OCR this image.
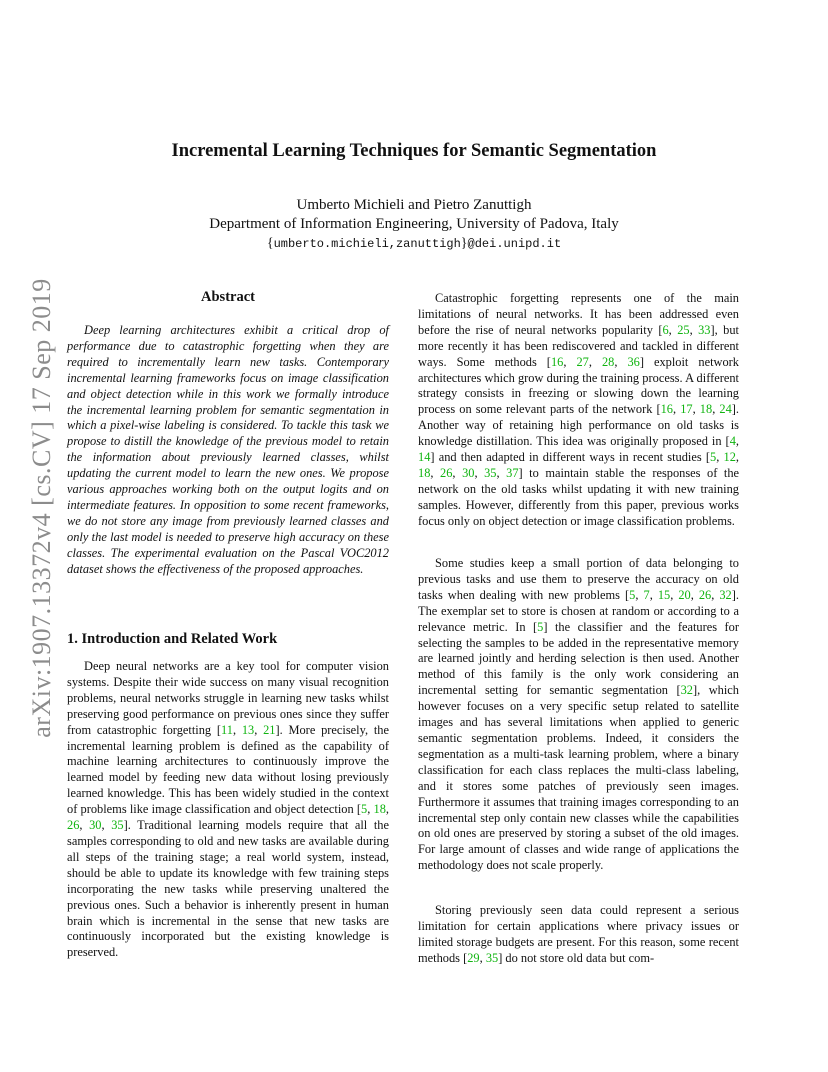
arXiv:1907.13372v4 [cs.CV] 17 Sep 2019
Incremental Learning Techniques for Semantic Segmentation
Umberto Michieli and Pietro Zanuttigh
Department of Information Engineering, University of Padova, Italy
{umberto.michieli,zanuttigh}@dei.unipd.it
Abstract
Deep learning architectures exhibit a critical drop of performance due to catastrophic forgetting when they are required to incrementally learn new tasks. Contemporary incremental learning frameworks focus on image classification and object detection while in this work we formally introduce the incremental learning problem for semantic segmentation in which a pixel-wise labeling is considered. To tackle this task we propose to distill the knowledge of the previous model to retain the information about previously learned classes, whilst updating the current model to learn the new ones. We propose various approaches working both on the output logits and on intermediate features. In opposition to some recent frameworks, we do not store any image from previously learned classes and only the last model is needed to preserve high accuracy on these classes. The experimental evaluation on the Pascal VOC2012 dataset shows the effectiveness of the proposed approaches.
1. Introduction and Related Work

Deep neural networks are a key tool for computer vision systems. Despite their wide success on many visual recognition problems, neural networks struggle in learning new tasks whilst preserving good performance on previous ones since they suffer from catastrophic forgetting [11, 13, 21]. More precisely, the incremental learning problem is defined as the capability of machine learning architectures to continuously improve the learned model by feeding new data without losing previously learned knowledge. This has been widely studied in the context of problems like image classification and object detection [5, 18, 26, 30, 35]. Traditional learning models require that all the samples corresponding to old and new tasks are available during all steps of the training stage; a real world system, instead, should be able to update its knowledge with few training steps incorporating the new tasks while preserving unaltered the previous ones. Such a behavior is inherently present in human brain which is incremental in the sense that new tasks are continuously incorporated but the existing knowledge is preserved.

Catastrophic forgetting represents one of the main limitations of neural networks. It has been addressed even before the rise of neural networks popularity [6, 25, 33], but more recently it has been rediscovered and tackled in different ways. Some methods [16, 27, 28, 36] exploit network architectures which grow during the training process. A different strategy consists in freezing or slowing down the learning process on some relevant parts of the network [16, 17, 18, 24]. Another way of retaining high performance on old tasks is knowledge distillation. This idea was originally proposed in [4, 14] and then adapted in different ways in recent studies [5, 12, 18, 26, 30, 35, 37] to maintain stable the responses of the network on the old tasks whilst updating it with new training samples. However, differently from this paper, previous works focus only on object detection or image classification problems.

Some studies keep a small portion of data belonging to previous tasks and use them to preserve the accuracy on old tasks when dealing with new problems [5, 7, 15, 20, 26, 32]. The exemplar set to store is chosen at random or according to a relevance metric. In [5] the classifier and the features for selecting the samples to be added in the representative memory are learned jointly and herding selection is then used. Another method of this family is the only work considering an incremental setting for semantic segmentation [32], which however focuses on a very specific setup related to satellite images and has several limitations when applied to generic semantic segmentation problems. Indeed, it considers the segmentation as a multi-task learning problem, where a binary classification for each class replaces the multi-class labeling, and it stores some patches of previously seen images. Furthermore it assumes that training images corresponding to an incremental step only contain new classes while the capabilities on old ones are preserved by storing a subset of the old images. For large amount of classes and wide range of applications the methodology does not scale properly.

Storing previously seen data could represent a serious limitation for certain applications where privacy issues or limited storage budgets are present. For this reason, some recent methods [29, 35] do not store old data but com-
